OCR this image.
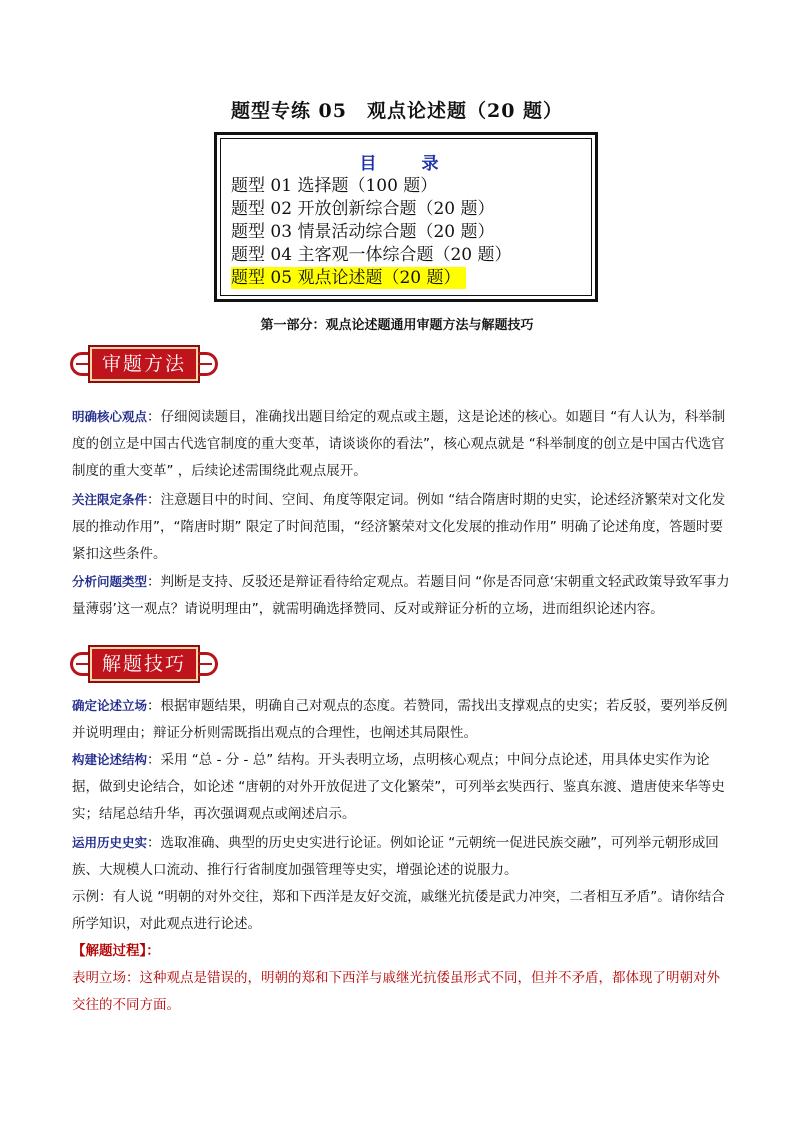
题型专练 05　观点论述题（20 题）
目　录
题型 01 选择题（100 题）
题型 02 开放创新综合题（20 题）
题型 03 情景活动综合题（20 题）
题型 04 主客观一体综合题（20 题）
题型 05 观点论述题（20 题）
第一部分：观点论述题通用审题方法与解题技巧
审题方法

明确核心观点：仔细阅读题目，准确找出题目给定的观点或主题，这是论述的核心。如题目 “有人认为，科举制度的创立是中国古代选官制度的重大变革，请谈谈你的看法”，核心观点就是 “科举制度的创立是中国古代选官制度的重大变革” ，后续论述需围绕此观点展开。

关注限定条件：注意题目中的时间、空间、角度等限定词。例如 “结合隋唐时期的史实，论述经济繁荣对文化发展的推动作用”，“隋唐时期” 限定了时间范围，“经济繁荣对文化发展的推动作用” 明确了论述角度，答题时要紧扣这些条件。

分析问题类型：判断是支持、反驳还是辩证看待给定观点。若题目问 “你是否同意‘宋朝重文轻武政策导致军事力量薄弱’这一观点？请说明理由”，就需明确选择赞同、反对或辩证分析的立场，进而组织论述内容。

解题技巧

确定论述立场：根据审题结果，明确自己对观点的态度。若赞同，需找出支撑观点的史实；若反驳，要列举反例并说明理由；辩证分析则需既指出观点的合理性，也阐述其局限性。

构建论述结构：采用 “总 - 分 - 总” 结构。开头表明立场，点明核心观点；中间分点论述，用具体史实作为论据，做到史论结合，如论述 “唐朝的对外开放促进了文化繁荣”，可列举玄奘西行、鉴真东渡、遣唐使来华等史实；结尾总结升华，再次强调观点或阐述启示。

运用历史史实：选取准确、典型的历史史实进行论证。例如论证 “元朝统一促进民族交融”，可列举元朝形成回族、大规模人口流动、推行行省制度加强管理等史实，增强论述的说服力。

示例：有人说 “明朝的对外交往，郑和下西洋是友好交流，戚继光抗倭是武力冲突，二者相互矛盾”。请你结合所学知识，对此观点进行论述。

【解题过程】：

表明立场：这种观点是错误的，明朝的郑和下西洋与戚继光抗倭虽形式不同，但并不矛盾，都体现了明朝对外交往的不同方面。
